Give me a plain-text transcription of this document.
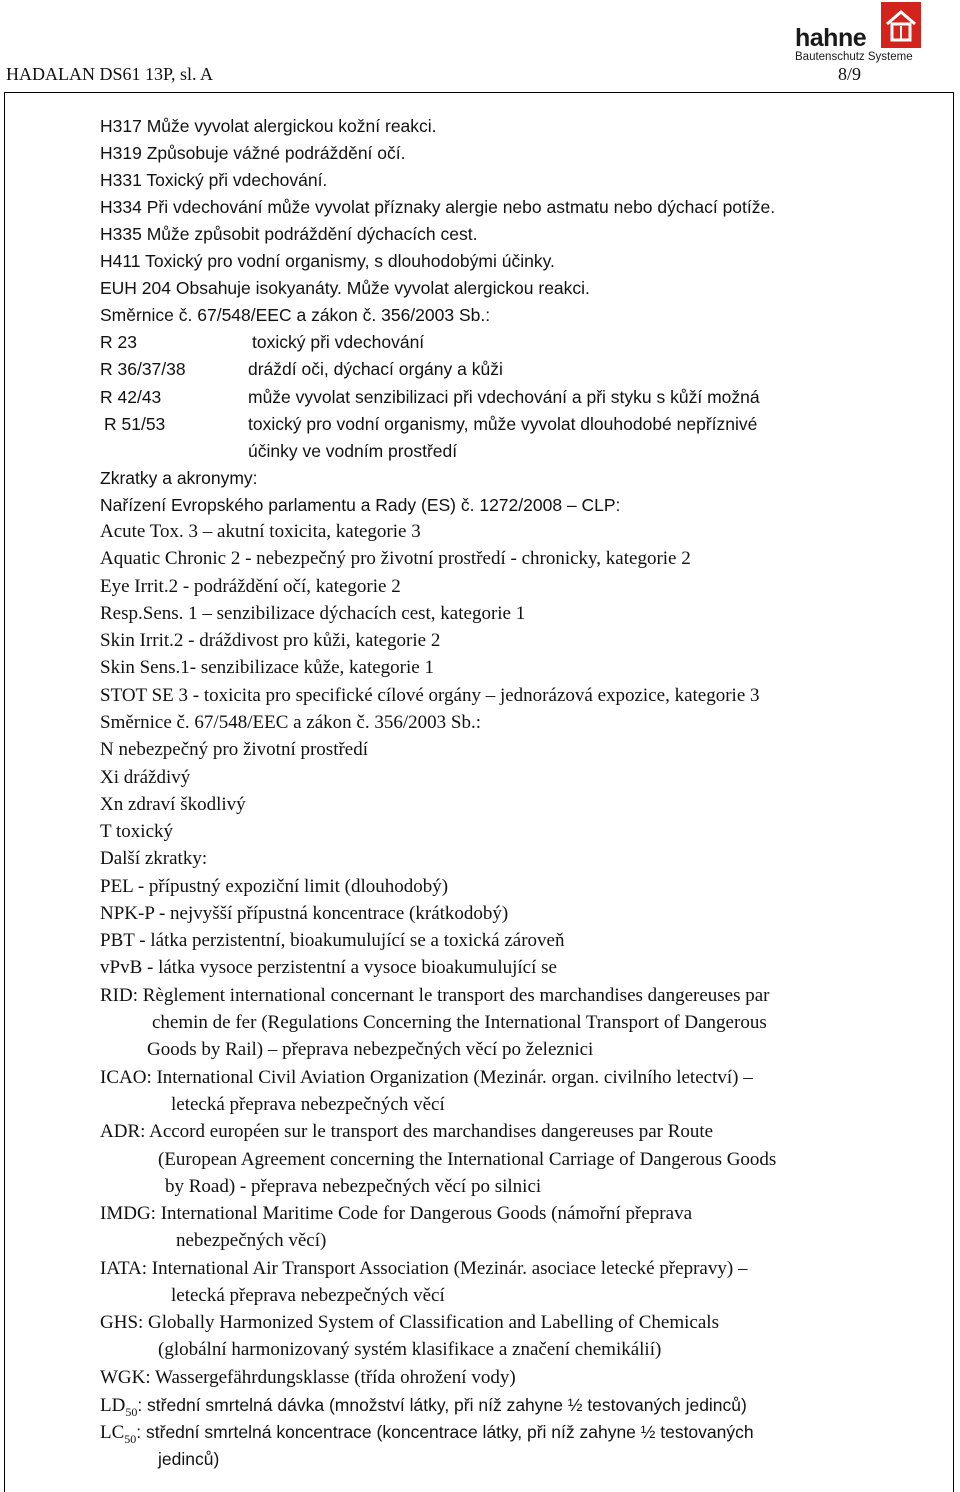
HADALAN DS61 13P, sl. A	8/9
hahne
Bautenschutz Systeme
H317 Může vyvolat alergickou kožní reakci.
H319 Způsobuje vážné podráždění očí.
H331 Toxický při vdechování.
H334 Při vdechování může vyvolat příznaky alergie nebo astmatu nebo dýchací potíže.
H335 Může způsobit podráždění dýchacích cest.
H411 Toxický pro vodní organismy, s dlouhodobými účinky.
EUH 204 Obsahuje isokyanáty. Může vyvolat alergickou reakci.
Směrnice č. 67/548/EEC a zákon č. 356/2003 Sb.:
R 23	toxický při vdechování
R 36/37/38	dráždí oči, dýchací orgány a kůži
R 42/43	může vyvolat senzibilizaci při vdechování a při styku s kůží možná
R 51/53	toxický pro vodní organismy, může vyvolat dlouhodobé nepříznivé
účinky ve vodním prostředí
Zkratky a akronymy:
Nařízení Evropského parlamentu a Rady (ES) č. 1272/2008 – CLP:
Acute Tox. 3 – akutní toxicita, kategorie 3
Aquatic Chronic 2 - nebezpečný pro životní prostředí - chronicky, kategorie 2
Eye Irrit.2 - podráždění očí, kategorie 2
Resp.Sens. 1 – senzibilizace dýchacích cest, kategorie 1
Skin Irrit.2 - dráždivost pro kůži, kategorie 2
Skin Sens.1- senzibilizace kůže, kategorie 1
STOT SE 3 - toxicita pro specifické cílové orgány – jednorázová expozice, kategorie 3
Směrnice č. 67/548/EEC a zákon č. 356/2003 Sb.:
N nebezpečný pro životní prostředí
Xi dráždivý
Xn zdraví škodlivý
T toxický
Další zkratky:
PEL - přípustný expoziční limit (dlouhodobý)
NPK-P - nejvyšší přípustná koncentrace (krátkodobý)
PBT - látka perzistentní, bioakumulující se a toxická zároveň
vPvB - látka vysoce perzistentní a vysoce bioakumulující se
RID: Règlement international concernant le transport des marchandises dangereuses par
chemin de fer (Regulations Concerning the International Transport of Dangerous
Goods by Rail) – přeprava nebezpečných věcí po železnici
ICAO: International Civil Aviation Organization (Mezinár. organ. civilního letectví) –
letecká přeprava nebezpečných věcí
ADR: Accord européen sur le transport des marchandises dangereuses par Route
(European Agreement concerning the International Carriage of Dangerous Goods
by Road) - přeprava nebezpečných věcí po silnici
IMDG: International Maritime Code for Dangerous Goods (námořní přeprava
nebezpečných věcí)
IATA: International Air Transport Association (Mezinár. asociace letecké přepravy) –
letecká přeprava nebezpečných věcí
GHS: Globally Harmonized System of Classification and Labelling of Chemicals
(globální harmonizovaný systém klasifikace a značení chemikálií)
WGK: Wassergefährdungsklasse (třída ohrožení vody)
$LD_{50}$: střední smrtelná dávka (množství látky, při níž zahyne ½ testovaných jedinců)
$LC_{50}$: střední smrtelná koncentrace (koncentrace látky, při níž zahyne ½ testovaných
jedinců)
